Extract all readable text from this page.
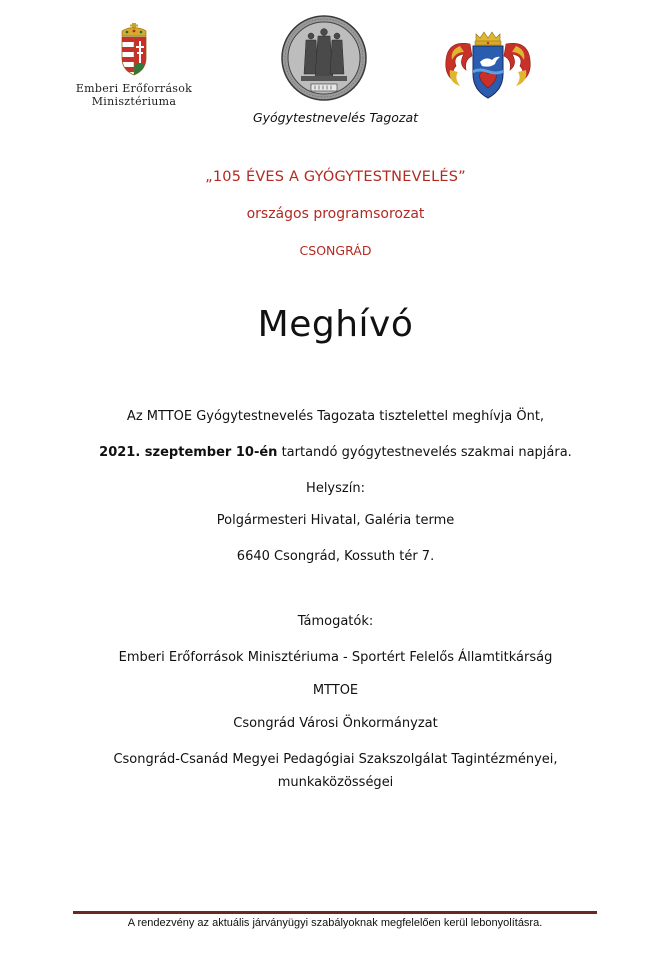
Emberi Erőforrások
Minisztériuma
Gyógytestnevelés Tagozat
„105 ÉVES A GYÓGYTESTNEVELÉS”
országos programsorozat
CSONGRÁD
Meghívó
Az MTTOE Gyógytestnevelés Tagozata tisztelettel meghívja Önt,
2021. szeptember 10-én tartandó gyógytestnevelés szakmai napjára.
Helyszín:
Polgármesteri Hivatal, Galéria terme
6640 Csongrád, Kossuth tér 7.
Támogatók:
Emberi Erőforrások Minisztériuma - Sportért Felelős Államtitkárság
MTTOE
Csongrád Városi Önkormányzat
Csongrád-Csanád Megyei Pedagógiai Szakszolgálat Tagintézményei,
munkaközösségei
A rendezvény az aktuális járványügyi szabályoknak megfelelően kerül lebonyolításra.
